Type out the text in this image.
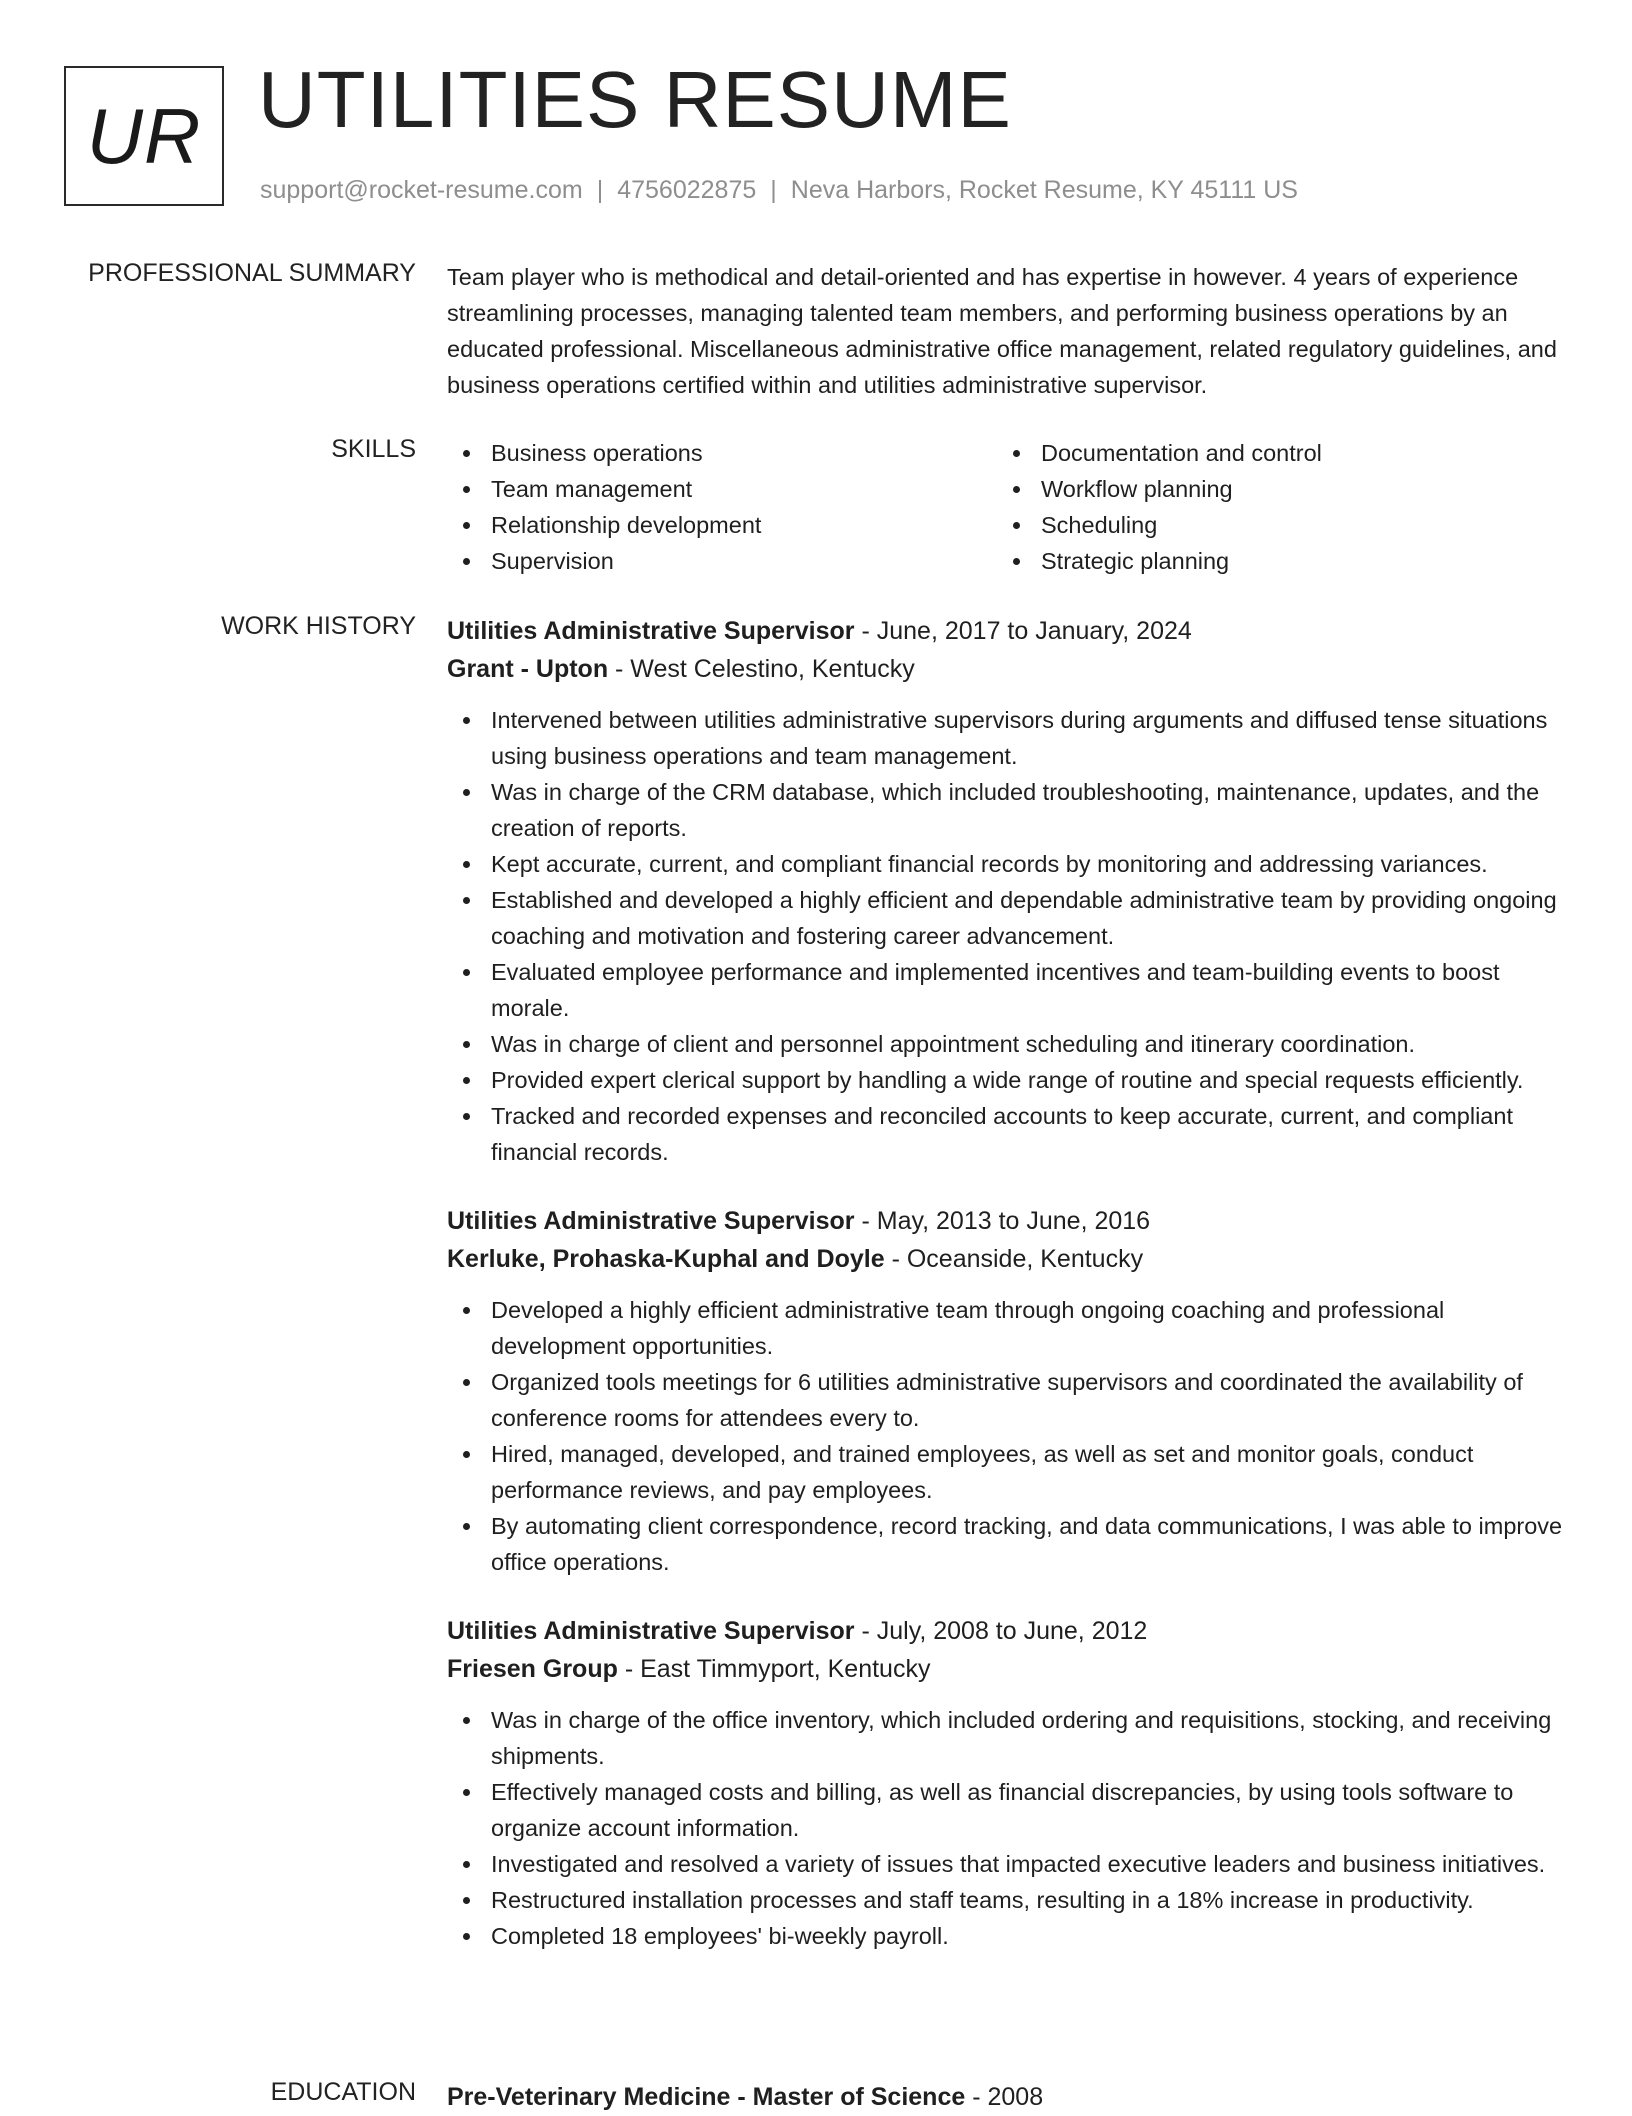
UR UTILITIES RESUME
support@rocket-resume.com | 4756022875 | Neva Harbors, Rocket Resume, KY 45111 US
PROFESSIONAL SUMMARY Team player who is methodical and detail-oriented and has expertise in however. 4 years of experience streamlining processes, managing talented team members, and performing business operations by an educated professional. Miscellaneous administrative office management, related regulatory guidelines, and business operations certified within and utilities administrative supervisor.

SKILLS	Business operations
Team management
Relationship development
Supervision
Documentation and control
Workflow planning
Scheduling
Strategic planning
WORK HISTORY Utilities Administrative Supervisor - June, 2017 to January, 2024
Grant - Upton - West Celestino, Kentucky
Intervened between utilities administrative supervisors during arguments and diffused tense situations using business operations and team management.
Was in charge of the CRM database, which included troubleshooting, maintenance, updates, and the creation of reports.
Kept accurate, current, and compliant financial records by monitoring and addressing variances.
Established and developed a highly efficient and dependable administrative team by providing ongoing coaching and motivation and fostering career advancement.
Evaluated employee performance and implemented incentives and team-building events to boost morale.
Was in charge of client and personnel appointment scheduling and itinerary coordination.
Provided expert clerical support by handling a wide range of routine and special requests efficiently.
Tracked and recorded expenses and reconciled accounts to keep accurate, current, and compliant financial records.
Utilities Administrative Supervisor - May, 2013 to June, 2016
Kerluke, Prohaska-Kuphal and Doyle - Oceanside, Kentucky
Developed a highly efficient administrative team through ongoing coaching and professional development opportunities.
Organized tools meetings for 6 utilities administrative supervisors and coordinated the availability of conference rooms for attendees every to.
Hired, managed, developed, and trained employees, as well as set and monitor goals, conduct performance reviews, and pay employees.
By automating client correspondence, record tracking, and data communications, I was able to improve office operations.
Utilities Administrative Supervisor - July, 2008 to June, 2012
Friesen Group - East Timmyport, Kentucky
Was in charge of the office inventory, which included ordering and requisitions, stocking, and receiving shipments.
Effectively managed costs and billing, as well as financial discrepancies, by using tools software to organize account information.
Investigated and resolved a variety of issues that impacted executive leaders and business initiatives.
Restructured installation processes and staff teams, resulting in a 18% increase in productivity.
Completed 18 employees' bi-weekly payroll.
EDUCATION Pre-Veterinary Medicine - Master of Science - 2008
